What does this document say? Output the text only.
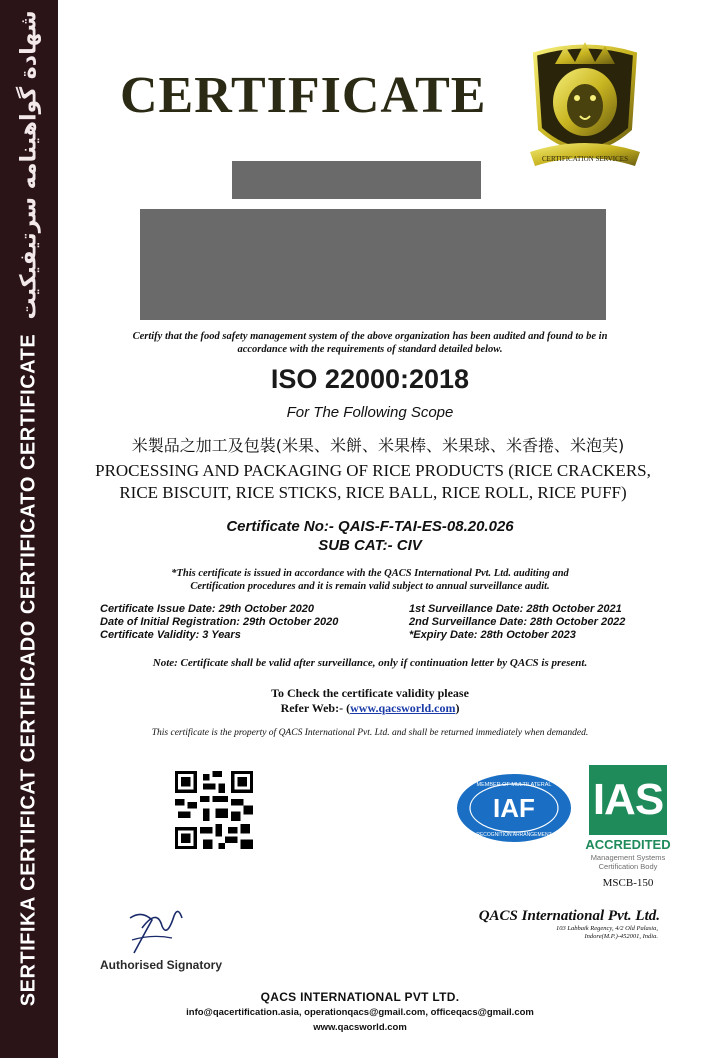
شهادة گواهینامه سرتیفیکیت
SERTIFIKA CERTIFICAT CERTIFICADO CERTIFICATO CERTIFICATE
CERTIFICATE
CERTIFICATION SERVICES
Certify that the food safety management system of the above organization has been audited and found to be in accordance with the requirements of standard detailed below.
ISO 22000:2018
For The Following Scope
米製品之加工及包裝(米果、米餅、米果棒、米果球、米香捲、米泡芙)
PROCESSING AND PACKAGING OF RICE PRODUCTS (RICE CRACKERS,
RICE BISCUIT, RICE STICKS, RICE BALL, RICE ROLL, RICE PUFF)
Certificate No:- QAIS-F-TAI-ES-08.20.026
SUB CAT:- CIV
*This certificate is issued in accordance with the QACS International Pvt. Ltd. auditing and
Certification procedures and it is remain valid subject to annual surveillance audit.
Certificate Issue Date: 29th October 2020
Date of Initial Registration: 29th October 2020
Certificate Validity: 3 Years
1st Surveillance Date: 28th October 2021
2nd Surveillance Date: 28th October 2022
*Expiry Date: 28th October 2023
Note: Certificate shall be valid after surveillance, only if continuation letter by QACS is present.
To Check the certificate validity please
Refer Web:- (www.qacsworld.com)
This certificate is the property of QACS International Pvt. Ltd. and shall be returned immediately when demanded.
MEMBER OF MULTILATERAL
IAF
RECOGNITION ARRANGEMENT
IAS
ACCREDITED
Management Systems
Certification Body
MSCB-150
QACS International Pvt. Ltd.
103 Labbaik Regency, 4/2 Old Palasia,
Indore(M.P.)-452001, India.
Authorised Signatory
QACS INTERNATIONAL PVT LTD.
info@qacertification.asia, operationqacs@gmail.com, officeqacs@gmail.com
www.qacsworld.com
